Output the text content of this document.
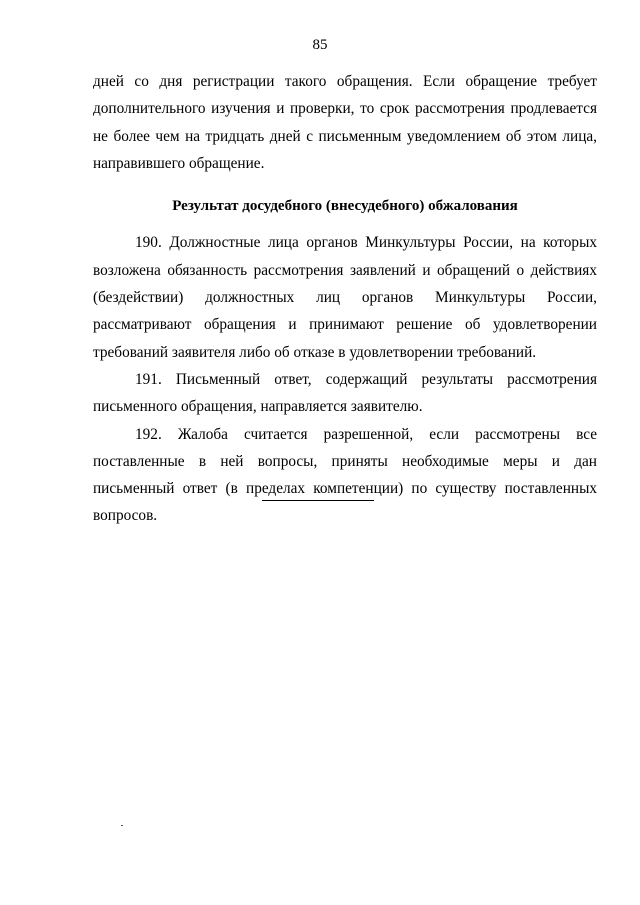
85

дней со дня регистрации такого обращения. Если обращение требует дополнительного изучения и проверки, то срок рассмотрения продлевается не более чем на тридцать дней с письменным уведомлением об этом лица, направившего обращение.

Результат досудебного (внесудебного) обжалования

190. Должностные лица органов Минкультуры России, на которых возложена обязанность рассмотрения заявлений и обращений о действиях (бездействии) должностных лиц органов Минкультуры России, рассматривают обращения и принимают решение об удовлетворении требований заявителя либо об отказе в удовлетворении требований.

191. Письменный ответ, содержащий результаты рассмотрения письменного обращения, направляется заявителю.

192. Жалоба считается разрешенной, если рассмотрены все поставленные в ней вопросы, приняты необходимые меры и дан письменный ответ (в пределах компетенции) по существу поставленных вопросов.
